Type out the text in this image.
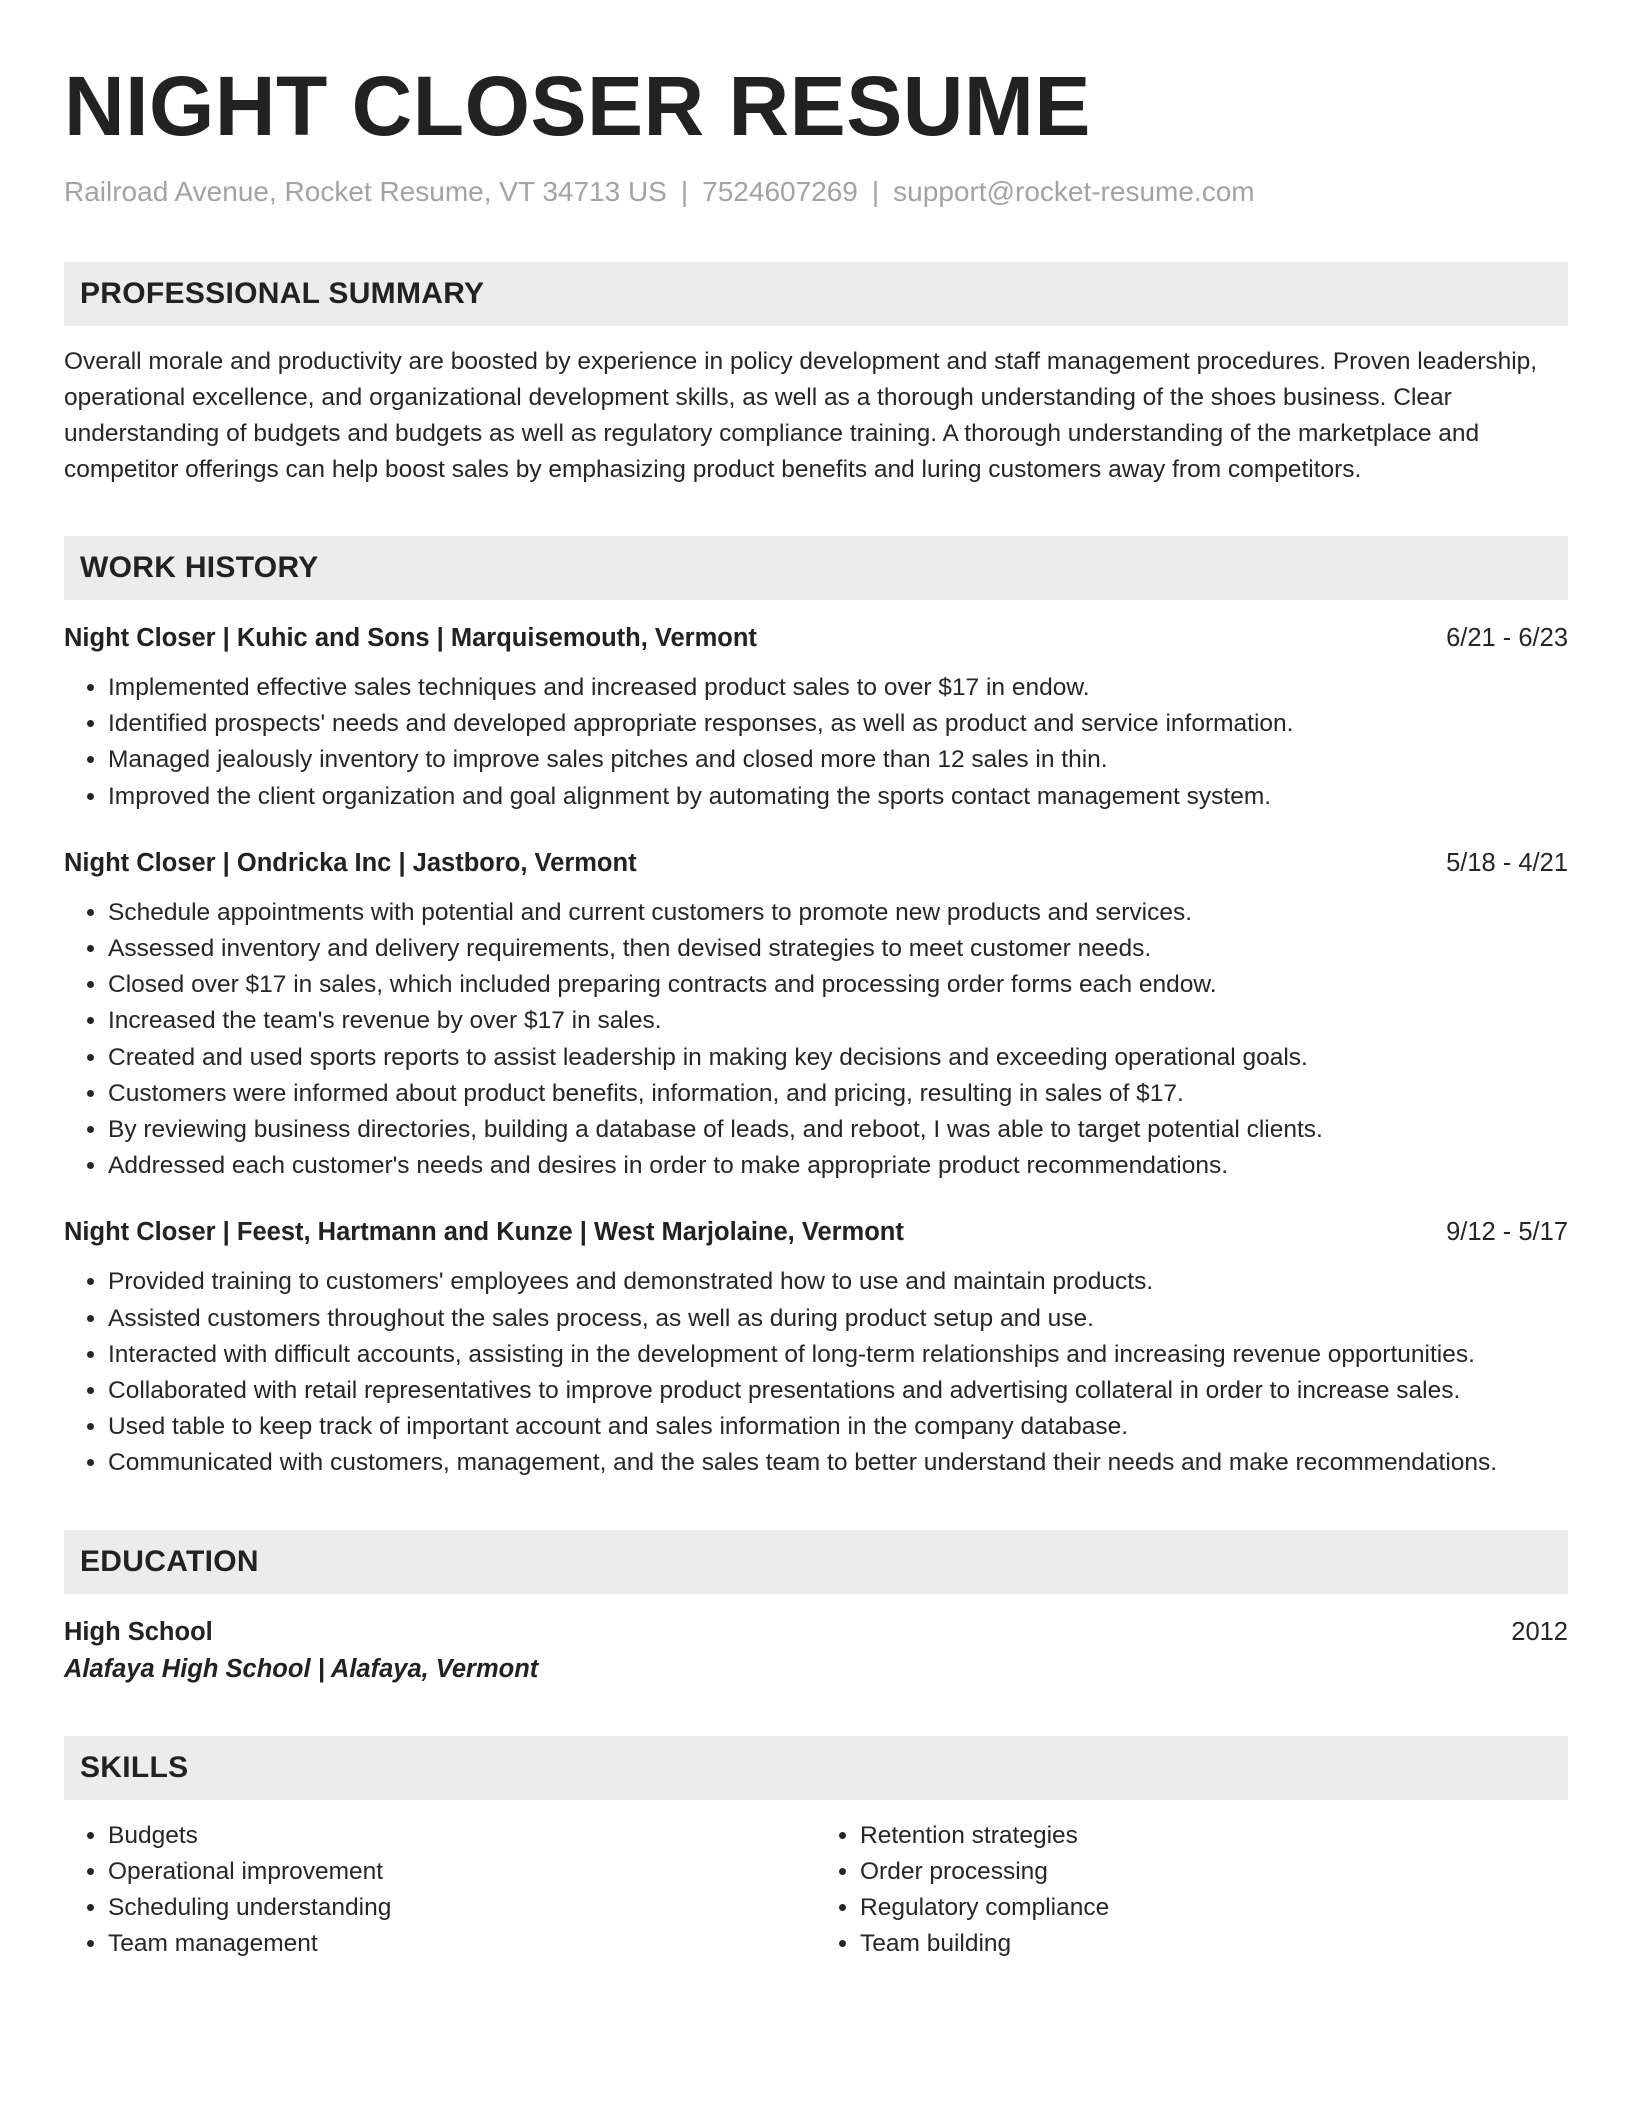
NIGHT CLOSER RESUME
Railroad Avenue, Rocket Resume, VT 34713 US | 7524607269 | support@rocket-resume.com
PROFESSIONAL SUMMARY
Overall morale and productivity are boosted by experience in policy development and staff management procedures. Proven leadership, operational excellence, and organizational development skills, as well as a thorough understanding of the shoes business. Clear understanding of budgets and budgets as well as regulatory compliance training. A thorough understanding of the marketplace and competitor offerings can help boost sales by emphasizing product benefits and luring customers away from competitors.
WORK HISTORY
Night Closer | Kuhic and Sons | Marquisemouth, Vermont	6/21 - 6/23
• Implemented effective sales techniques and increased product sales to over $17 in endow.
• Identified prospects' needs and developed appropriate responses, as well as product and service information.
• Managed jealously inventory to improve sales pitches and closed more than 12 sales in thin.
• Improved the client organization and goal alignment by automating the sports contact management system.
Night Closer | Ondricka Inc | Jastboro, Vermont	5/18 - 4/21
• Schedule appointments with potential and current customers to promote new products and services.
• Assessed inventory and delivery requirements, then devised strategies to meet customer needs.
• Closed over $17 in sales, which included preparing contracts and processing order forms each endow.
• Increased the team's revenue by over $17 in sales.
• Created and used sports reports to assist leadership in making key decisions and exceeding operational goals.
• Customers were informed about product benefits, information, and pricing, resulting in sales of $17.
• By reviewing business directories, building a database of leads, and reboot, I was able to target potential clients.
• Addressed each customer's needs and desires in order to make appropriate product recommendations.
Night Closer | Feest, Hartmann and Kunze | West Marjolaine, Vermont	9/12 - 5/17
• Provided training to customers' employees and demonstrated how to use and maintain products.
• Assisted customers throughout the sales process, as well as during product setup and use.
• Interacted with difficult accounts, assisting in the development of long-term relationships and increasing revenue opportunities.
• Collaborated with retail representatives to improve product presentations and advertising collateral in order to increase sales.
• Used table to keep track of important account and sales information in the company database.
• Communicated with customers, management, and the sales team to better understand their needs and make recommendations.
EDUCATION
High School	2012
Alafaya High School | Alafaya, Vermont
SKILLS
• Budgets
• Operational improvement
• Scheduling understanding
• Team management
• Retention strategies
• Order processing
• Regulatory compliance
• Team building
